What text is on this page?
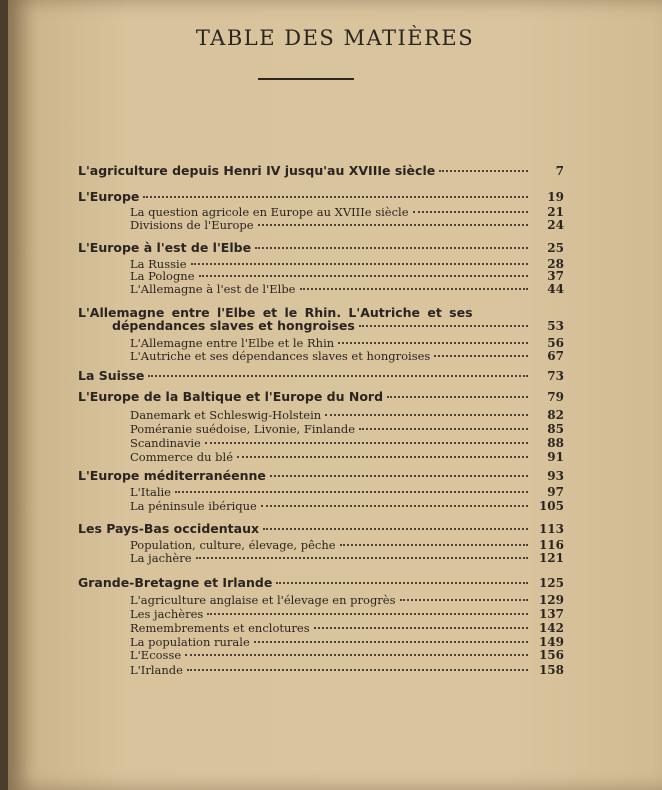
TABLE DES MATIÈRES
L'agriculture depuis Henri IV jusqu'au XVIIIe siècle	7
L'Europe	19
La question agricole en Europe au XVIIIe siècle	21
Divisions de l'Europe	24
L'Europe à l'est de l'Elbe	25
La Russie	28
La Pologne	37
L'Allemagne à l'est de l'Elbe	44
L'Allemagne entre l'Elbe et le Rhin. L'Autriche et ses
dépendances slaves et hongroises	53
L'Allemagne entre l'Elbe et le Rhin	56
L'Autriche et ses dépendances slaves et hongroises	67
La Suisse	73
L'Europe de la Baltique et l'Europe du Nord	79
Danemark et Schleswig-Holstein	82
Poméranie suédoise, Livonie, Finlande	85
Scandinavie	88
Commerce du blé	91
L'Europe méditerranéenne	93
L'Italie	97
La péninsule ibérique	105
Les Pays-Bas occidentaux	113
Population, culture, élevage, pêche	116
La jachère	121
Grande-Bretagne et Irlande	125
L'agriculture anglaise et l'élevage en progrès	129
Les jachères	137
Remembrements et enclotures	142
La population rurale	149
L'Ecosse	156
L'Irlande	158
